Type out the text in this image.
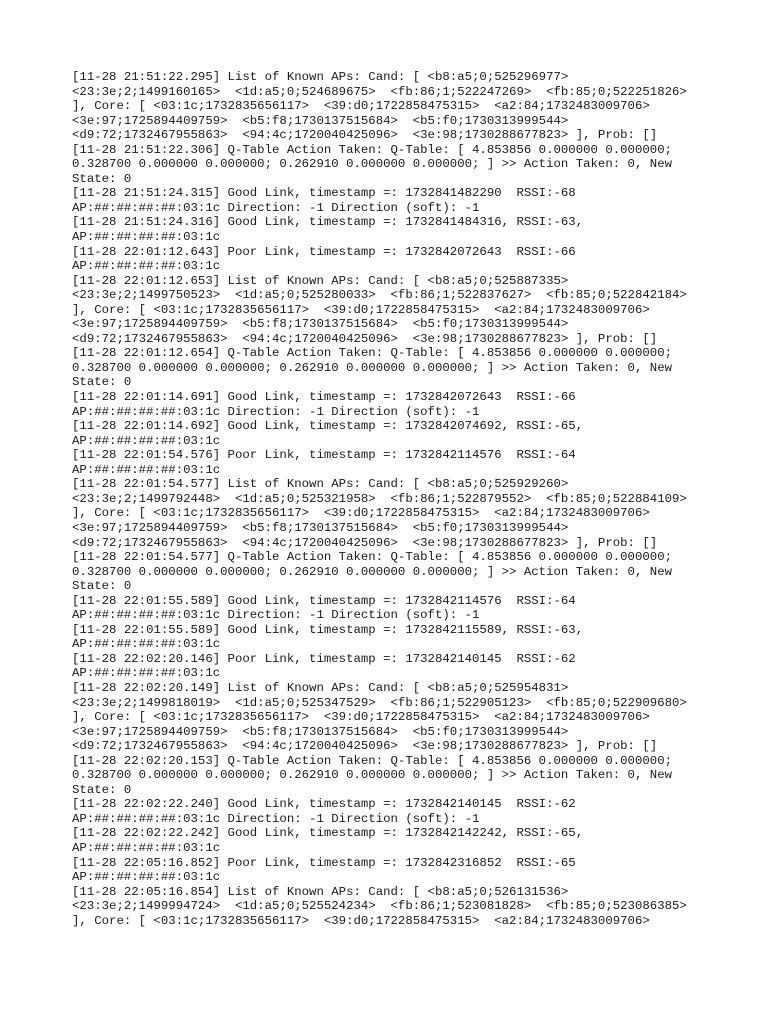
[11-28 21:51:22.295] List of Known APs: Cand: [ <b8:a5;0;525296977>
<23:3e;2;1499160165>  <1d:a5;0;524689675>  <fb:86;1;522247269>  <fb:85;0;522251826>
], Core: [ <03:1c;1732835656117>  <39:d0;1722858475315>  <a2:84;1732483009706>
<3e:97;1725894409759>  <b5:f8;1730137515684>  <b5:f0;1730313999544>
<d9:72;1732467955863>  <94:4c;1720040425096>  <3e:98;1730288677823> ], Prob: []
[11-28 21:51:22.306] Q-Table Action Taken: Q-Table: [ 4.853856 0.000000 0.000000;
0.328700 0.000000 0.000000; 0.262910 0.000000 0.000000; ] >> Action Taken: 0, New
State: 0
[11-28 21:51:24.315] Good Link, timestamp =: 1732841482290  RSSI:-68
AP:##:##:##:##:03:1c Direction: -1 Direction (soft): -1
[11-28 21:51:24.316] Good Link, timestamp =: 1732841484316, RSSI:-63,
AP:##:##:##:##:03:1c
[11-28 22:01:12.643] Poor Link, timestamp =: 1732842072643  RSSI:-66
AP:##:##:##:##:03:1c
[11-28 22:01:12.653] List of Known APs: Cand: [ <b8:a5;0;525887335>
<23:3e;2;1499750523>  <1d:a5;0;525280033>  <fb:86;1;522837627>  <fb:85;0;522842184>
], Core: [ <03:1c;1732835656117>  <39:d0;1722858475315>  <a2:84;1732483009706>
<3e:97;1725894409759>  <b5:f8;1730137515684>  <b5:f0;1730313999544>
<d9:72;1732467955863>  <94:4c;1720040425096>  <3e:98;1730288677823> ], Prob: []
[11-28 22:01:12.654] Q-Table Action Taken: Q-Table: [ 4.853856 0.000000 0.000000;
0.328700 0.000000 0.000000; 0.262910 0.000000 0.000000; ] >> Action Taken: 0, New
State: 0
[11-28 22:01:14.691] Good Link, timestamp =: 1732842072643  RSSI:-66
AP:##:##:##:##:03:1c Direction: -1 Direction (soft): -1
[11-28 22:01:14.692] Good Link, timestamp =: 1732842074692, RSSI:-65,
AP:##:##:##:##:03:1c
[11-28 22:01:54.576] Poor Link, timestamp =: 1732842114576  RSSI:-64
AP:##:##:##:##:03:1c
[11-28 22:01:54.577] List of Known APs: Cand: [ <b8:a5;0;525929260>
<23:3e;2;1499792448>  <1d:a5;0;525321958>  <fb:86;1;522879552>  <fb:85;0;522884109>
], Core: [ <03:1c;1732835656117>  <39:d0;1722858475315>  <a2:84;1732483009706>
<3e:97;1725894409759>  <b5:f8;1730137515684>  <b5:f0;1730313999544>
<d9:72;1732467955863>  <94:4c;1720040425096>  <3e:98;1730288677823> ], Prob: []
[11-28 22:01:54.577] Q-Table Action Taken: Q-Table: [ 4.853856 0.000000 0.000000;
0.328700 0.000000 0.000000; 0.262910 0.000000 0.000000; ] >> Action Taken: 0, New
State: 0
[11-28 22:01:55.589] Good Link, timestamp =: 1732842114576  RSSI:-64
AP:##:##:##:##:03:1c Direction: -1 Direction (soft): -1
[11-28 22:01:55.589] Good Link, timestamp =: 1732842115589, RSSI:-63,
AP:##:##:##:##:03:1c
[11-28 22:02:20.146] Poor Link, timestamp =: 1732842140145  RSSI:-62
AP:##:##:##:##:03:1c
[11-28 22:02:20.149] List of Known APs: Cand: [ <b8:a5;0;525954831>
<23:3e;2;1499818019>  <1d:a5;0;525347529>  <fb:86;1;522905123>  <fb:85;0;522909680>
], Core: [ <03:1c;1732835656117>  <39:d0;1722858475315>  <a2:84;1732483009706>
<3e:97;1725894409759>  <b5:f8;1730137515684>  <b5:f0;1730313999544>
<d9:72;1732467955863>  <94:4c;1720040425096>  <3e:98;1730288677823> ], Prob: []
[11-28 22:02:20.153] Q-Table Action Taken: Q-Table: [ 4.853856 0.000000 0.000000;
0.328700 0.000000 0.000000; 0.262910 0.000000 0.000000; ] >> Action Taken: 0, New
State: 0
[11-28 22:02:22.240] Good Link, timestamp =: 1732842140145  RSSI:-62
AP:##:##:##:##:03:1c Direction: -1 Direction (soft): -1
[11-28 22:02:22.242] Good Link, timestamp =: 1732842142242, RSSI:-65,
AP:##:##:##:##:03:1c
[11-28 22:05:16.852] Poor Link, timestamp =: 1732842316852  RSSI:-65
AP:##:##:##:##:03:1c
[11-28 22:05:16.854] List of Known APs: Cand: [ <b8:a5;0;526131536>
<23:3e;2;1499994724>  <1d:a5;0;525524234>  <fb:86;1;523081828>  <fb:85;0;523086385>
], Core: [ <03:1c;1732835656117>  <39:d0;1722858475315>  <a2:84;1732483009706>
